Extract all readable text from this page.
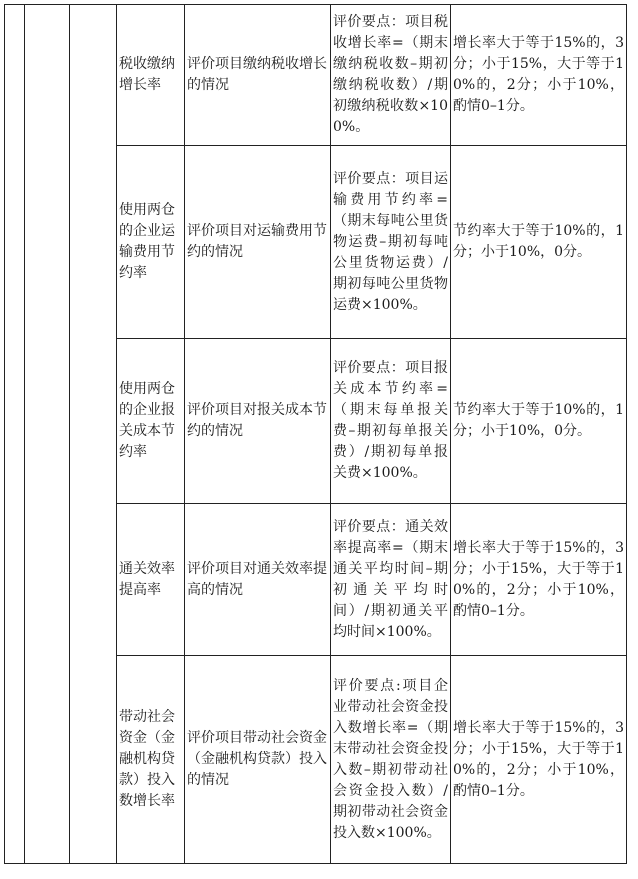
			税收缴纳增长率	评价项目缴纳税收增长的情况	评价要点：项目税收增长率=（期末缴纳税收数–期初缴纳税收数）/期初缴纳税收数×100%。	增长率大于等于15%的，3分；小于15%，大于等于10%的，2分；小于10%，酌情0–1分。

			使用两仓的企业运输费用节约率	评价项目对运输费用节约的情况	评价要点：项目运输费用节约率=（期末每吨公里货物运费–期初每吨公里货物运费）/期初每吨公里货物运费×100%。	节约率大于等于10%的，1分；小于10%，0分。

			使用两仓的企业报关成本节约率	评价项目对报关成本节约的情况	评价要点：项目报关成本节约率=（期末每单报关费–期初每单报关费）/期初每单报关费×100%。	节约率大于等于10%的，1分；小于10%，0分。

			通关效率提高率	评价项目对通关效率提高的情况	评价要点：通关效率提高率=（期末通关平均时间–期初通关平均时间）/期初通关平均时间×100%。	增长率大于等于15%的，3分；小于15%，大于等于10%的，2分；小于10%，酌情0–1分。

			带动社会资金（金融机构贷款）投入数增长率	评价项目带动社会资金（金融机构贷款）投入的情况	评价要点:项目企业带动社会资金投入数增长率=（期末带动社会资金投入数–期初带动社会资金投入数）/期初带动社会资金投入数×100%。	增长率大于等于15%的，3分；小于15%，大于等于10%的，2分；小于10%，酌情0–1分。
